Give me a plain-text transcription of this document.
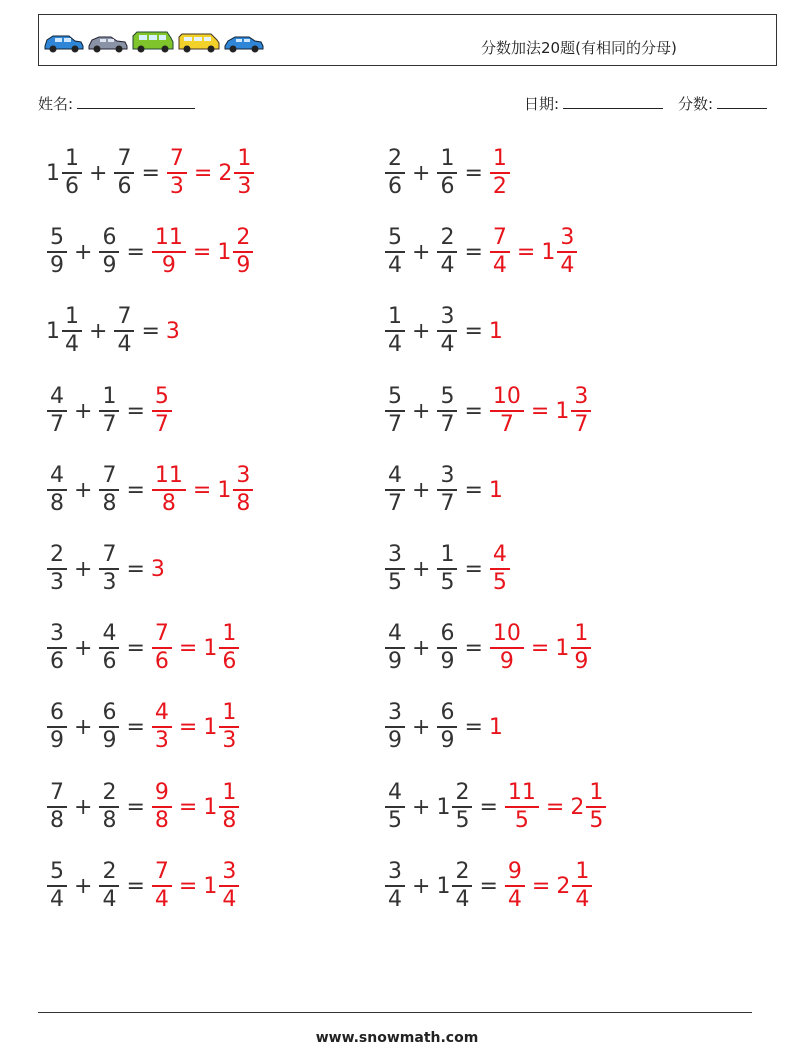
分数加法20题(有相同的分母)
姓名:	日期:	分数:
$1 \frac{1}{6} + \frac{7}{6} = \frac{7}{3} = 2 \frac{1}{3}$	$\frac{2}{6} + \frac{1}{6} = \frac{1}{2}$
$\frac{5}{9} + \frac{6}{9} = \frac{11}{9} = 1 \frac{2}{9}$	$\frac{5}{4} + \frac{2}{4} = \frac{7}{4} = 1 \frac{3}{4}$
$1 \frac{1}{4} + \frac{7}{4} = 3$	$\frac{1}{4} + \frac{3}{4} = 1$
$\frac{4}{7} + \frac{1}{7} = \frac{5}{7}$	$\frac{5}{7} + \frac{5}{7} = \frac{10}{7} = 1 \frac{3}{7}$
$\frac{4}{8} + \frac{7}{8} = \frac{11}{8} = 1 \frac{3}{8}$	$\frac{4}{7} + \frac{3}{7} = 1$
$\frac{2}{3} + \frac{7}{3} = 3$	$\frac{3}{5} + \frac{1}{5} = \frac{4}{5}$
$\frac{3}{6} + \frac{4}{6} = \frac{7}{6} = 1 \frac{1}{6}$	$\frac{4}{9} + \frac{6}{9} = \frac{10}{9} = 1 \frac{1}{9}$
$\frac{6}{9} + \frac{6}{9} = \frac{4}{3} = 1 \frac{1}{3}$	$\frac{3}{9} + \frac{6}{9} = 1$
$\frac{7}{8} + \frac{2}{8} = \frac{9}{8} = 1 \frac{1}{8}$	$\frac{4}{5} + 1 \frac{2}{5} = \frac{11}{5} = 2 \frac{1}{5}$
$\frac{5}{4} + \frac{2}{4} = \frac{7}{4} = 1 \frac{3}{4}$	$\frac{3}{4} + 1 \frac{2}{4} = \frac{9}{4} = 2 \frac{1}{4}$
www.snowmath.com
